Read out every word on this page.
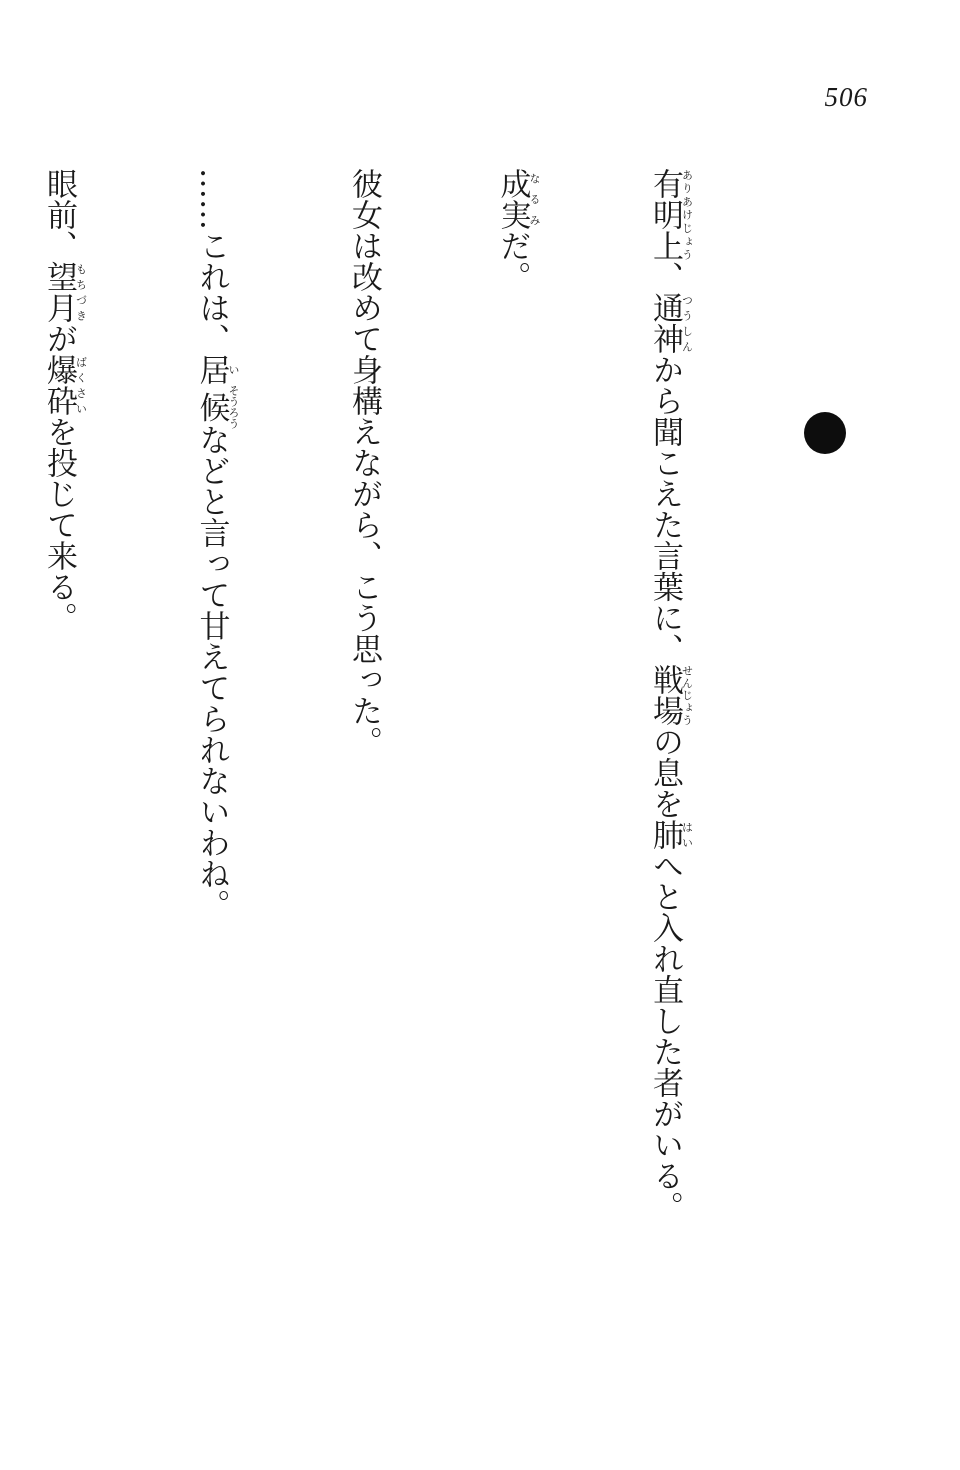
506

有明上ありあけじょう、通神つうしんから聞こえた言葉に、戦場せんじょうの息を肺はいへと入れ直した者がいる。

成実なるみだ。

彼女は改めて身構えながら、こう思った。

……これは、居い候そうろうなどと言って甘えてられないわね。

眼前、望月もちづきが爆砕ばくさいを投じて来る。
